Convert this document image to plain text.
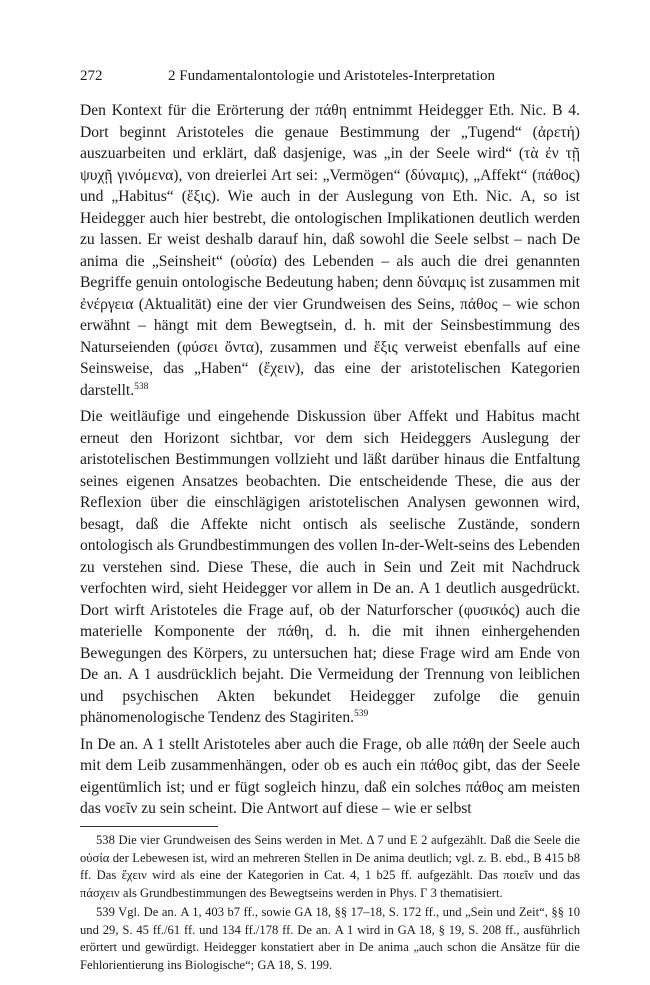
272	2 Fundamentalontologie und Aristoteles-Interpretation

Den Kontext für die Erörterung der πάθη entnimmt Heidegger Eth. Nic. B 4. Dort beginnt Aristoteles die genaue Bestimmung der „Tugend“ (ἀρετή) auszuarbeiten und erklärt, daß dasjenige, was „in der Seele wird“ (τὰ ἐν τῇ ψυχῇ γινόμενα), von dreierlei Art sei: „Vermögen“ (δύναμις), „Affekt“ (πάθος) und „Habitus“ (ἕξις). Wie auch in der Auslegung von Eth. Nic. Α, so ist Heidegger auch hier bestrebt, die ontologischen Implikationen deutlich werden zu lassen. Er weist deshalb darauf hin, daß sowohl die Seele selbst – nach De anima die „Seinsheit“ (οὐσία) des Lebenden – als auch die drei genannten Begriffe genuin ontologische Bedeutung haben; denn δύναμις ist zusammen mit ἐνέργεια (Aktualität) eine der vier Grundweisen des Seins, πάθος – wie schon erwähnt – hängt mit dem Bewegtsein, d. h. mit der Seinsbestimmung des Naturseienden (φύσει ὄντα), zusammen und ἕξις verweist ebenfalls auf eine Seinsweise, das „Haben“ (ἔχειν), das eine der aristotelischen Kategorien darstellt.$^{538}$

Die weitläufige und eingehende Diskussion über Affekt und Habitus macht erneut den Horizont sichtbar, vor dem sich Heideggers Auslegung der aristotelischen Bestimmungen vollzieht und läßt darüber hinaus die Entfaltung seines eigenen Ansatzes beobachten. Die entscheidende These, die aus der Reflexion über die einschlägigen aristotelischen Analysen gewonnen wird, besagt, daß die Affekte nicht ontisch als seelische Zustände, sondern ontologisch als Grundbestimmungen des vollen In-der-Welt-seins des Lebenden zu verstehen sind. Diese These, die auch in Sein und Zeit mit Nachdruck verfochten wird, sieht Heidegger vor allem in De an. Α 1 deutlich ausgedrückt. Dort wirft Aristoteles die Frage auf, ob der Naturforscher (φυσικός) auch die materielle Komponente der πάθη, d. h. die mit ihnen einhergehenden Bewegungen des Körpers, zu untersuchen hat; diese Frage wird am Ende von De an. Α 1 ausdrücklich bejaht. Die Vermeidung der Trennung von leiblichen und psychischen Akten bekundet Heidegger zufolge die genuin phänomenologische Tendenz des Stagiriten.$^{539}$

In De an. Α 1 stellt Aristoteles aber auch die Frage, ob alle πάθη der Seele auch mit dem Leib zusammenhängen, oder ob es auch ein πάθος gibt, das der Seele eigentümlich ist; und er fügt sogleich hinzu, daß ein solches πάθος am meisten das νοεῖν zu sein scheint. Die Antwort auf diese – wie er selbst

538 Die vier Grundweisen des Seins werden in Met. Δ 7 und Ε 2 aufgezählt. Daß die Seele die οὐσία der Lebewesen ist, wird an mehreren Stellen in De anima deutlich; vgl. z. B. ebd., Β 415 b8 ff. Das ἔχειν wird als eine der Kategorien in Cat. 4, 1 b25 ff. aufgezählt. Das ποιεῖν und das πάσχειν als Grundbestimmungen des Bewegtseins werden in Phys. Γ 3 thematisiert.

539 Vgl. De an. Α 1, 403 b7 ff., sowie GA 18, §§ 17–18, S. 172 ff., und „Sein und Zeit“, §§ 10 und 29, S. 45 ff./61 ff. und 134 ff./178 ff. De an. Α 1 wird in GA 18, § 19, S. 208 ff., ausführlich erörtert und gewürdigt. Heidegger konstatiert aber in De anima „auch schon die Ansätze für die Fehlorientierung ins Biologische“; GA 18, S. 199.
